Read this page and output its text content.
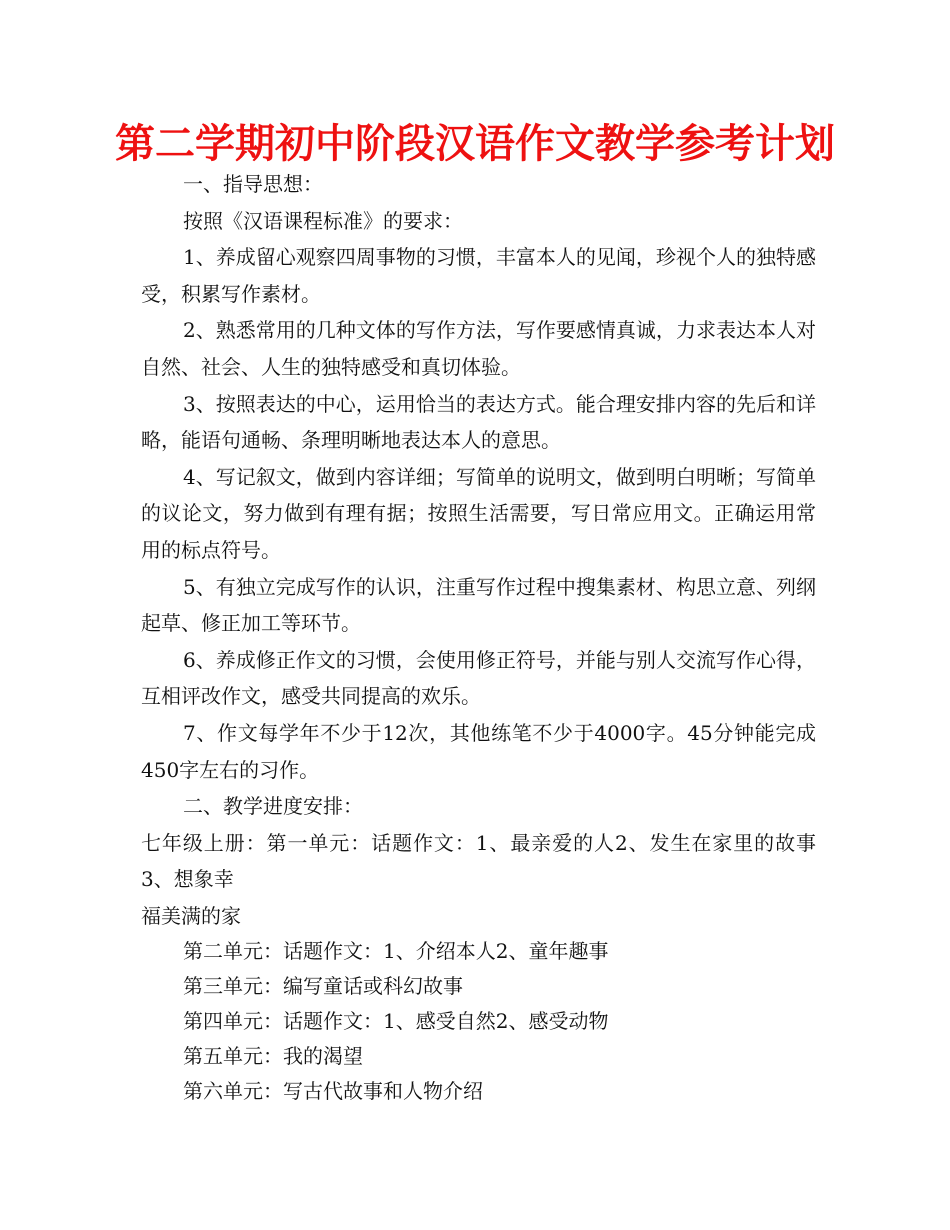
第二学期初中阶段汉语作文教学参考计划

一、指导思想：

按照《汉语课程标准》的要求：

1、养成留心观察四周事物的习惯，丰富本人的见闻，珍视个人的独特感受，积累写作素材。

2、熟悉常用的几种文体的写作方法，写作要感情真诚，力求表达本人对自然、社会、人生的独特感受和真切体验。

3、按照表达的中心，运用恰当的表达方式。能合理安排内容的先后和详略，能语句通畅、条理明晰地表达本人的意思。

4、写记叙文，做到内容详细；写简单的说明文，做到明白明晰；写简单的议论文，努力做到有理有据；按照生活需要，写日常应用文。正确运用常用的标点符号。

5、有独立完成写作的认识，注重写作过程中搜集素材、构思立意、列纲起草、修正加工等环节。

6、养成修正作文的习惯，会使用修正符号，并能与别人交流写作心得，互相评改作文，感受共同提高的欢乐。

7、作文每学年不少于12次，其他练笔不少于4000字。45分钟能完成450字左右的习作。

二、教学进度安排：

七年级上册：第一单元：话题作文：1、最亲爱的人2、发生在家里的故事3、想象幸

福美满的家

第二单元：话题作文：1、介绍本人2、童年趣事

第三单元：编写童话或科幻故事

第四单元：话题作文：1、感受自然2、感受动物

第五单元：我的渴望

第六单元：写古代故事和人物介绍
